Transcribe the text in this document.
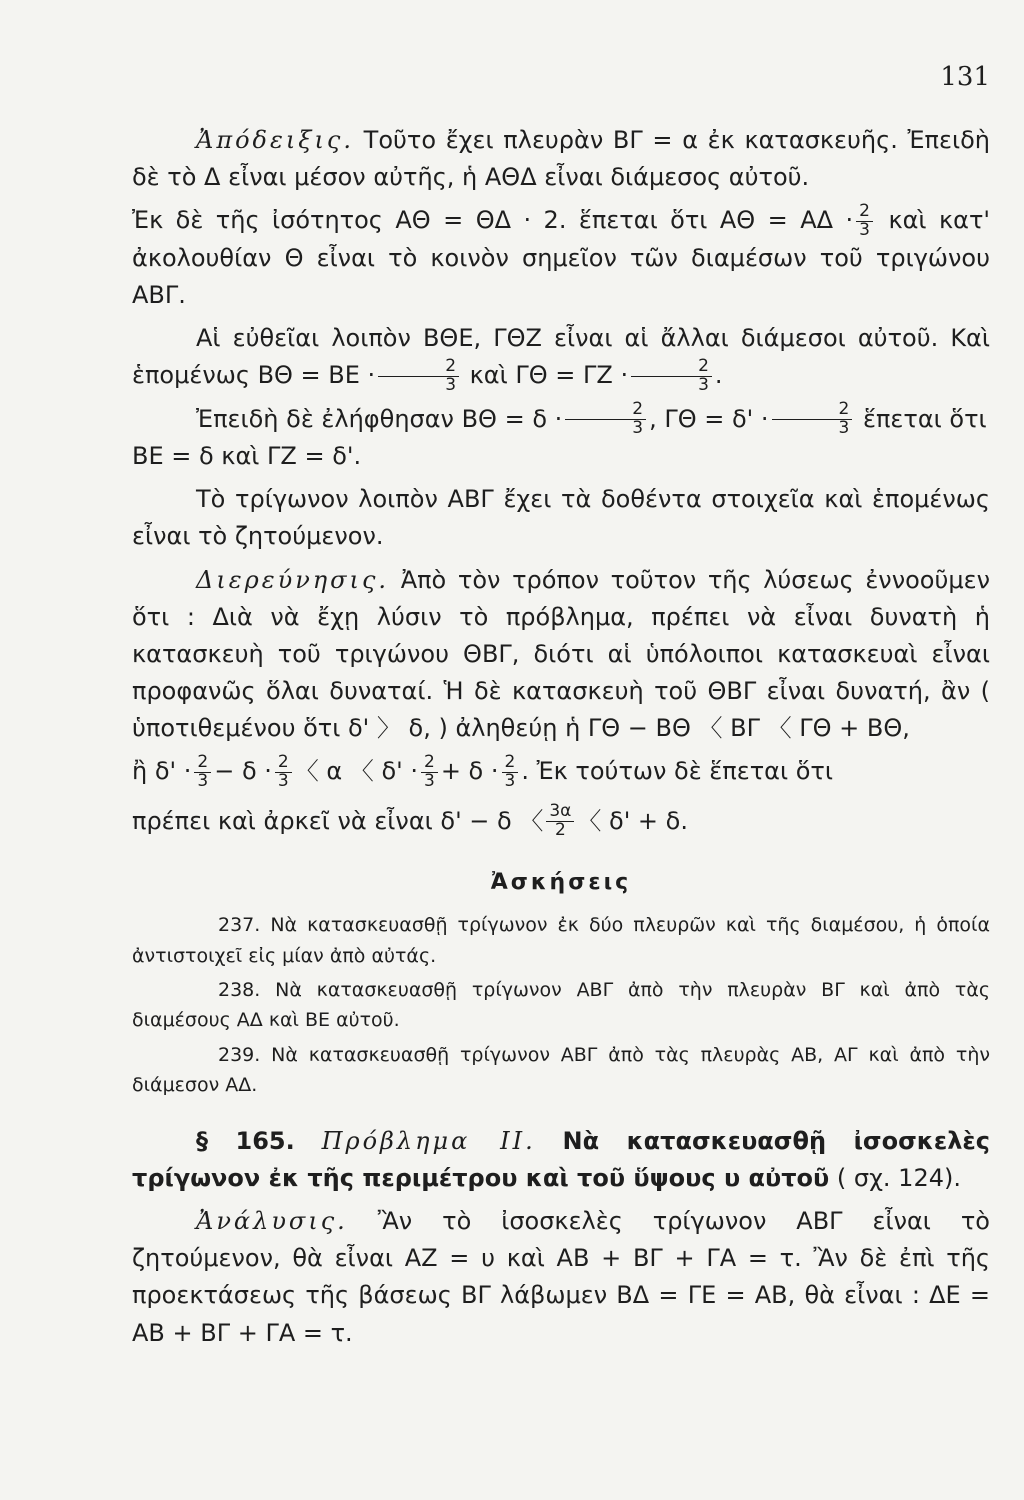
131

Ἀπόδειξις. Τοῦτο ἔχει πλευρὰν ΒΓ = α ἐκ κατασκευῆς. Ἐπειδὴ δὲ τὸ Δ εἶναι μέσον αὐτῆς, ἡ ΑΘΔ εἶναι διάμεσος αὐτοῦ.

Ἐκ δὲ τῆς ἰσότητος ΑΘ = ΘΔ · 2. ἕπεται ὅτι $A\Theta = A\Delta \cdot \frac{2}{3}$ καὶ κατ' ἀκολουθίαν Θ εἶναι τὸ κοινὸν σημεῖον τῶν διαμέσων τοῦ τριγώνου ΑΒΓ.

Αἱ εὐθεῖαι λοιπὸν ΒΘΕ, ΓΘΖ εἶναι αἱ ἄλλαι διάμεσοι αὐτοῦ. Καὶ ἑπομένως $B\Theta = BE \cdot \frac{2}{3}$ καὶ $\Gamma\Theta = \Gamma Z \cdot \frac{2}{3}$ .

Ἐπειδὴ δὲ ἐλήφθησαν $B\Theta = \delta \cdot \frac{2}{3}$ , $\Gamma\Theta = \delta' \cdot \frac{2}{3}$ ἕπεται ὅτι
ΒΕ = δ καὶ ΓΖ = δ'.

Τὸ τρίγωνον λοιπὸν ΑΒΓ ἔχει τὰ δοθέντα στοιχεῖα καὶ ἑπομένως εἶναι τὸ ζητούμενον.

Διερεύνησις. Ἀπὸ τὸν τρόπον τοῦτον τῆς λύσεως ἐννοοῦμεν ὅτι : Διὰ νὰ ἔχῃ λύσιν τὸ πρόβλημα, πρέπει νὰ εἶναι δυνατὴ ἡ κατασκευὴ τοῦ τριγώνου ΘΒΓ, διότι αἱ ὑπόλοιποι κατασκευαὶ εἶναι προφανῶς ὅλαι δυναταί. Ἡ δὲ κατασκευὴ τοῦ ΘΒΓ εἶναι δυνατή, ἂν ( ὑποτιθεμένου ὅτι δ' 〉 δ, ) ἀληθεύῃ ἡ ΓΘ − ΒΘ 〈 ΒΓ 〈 ΓΘ + ΒΘ,

ἢ $\delta' \cdot \frac{2}{3} - \delta \cdot \frac{2}{3}$ 〈 α 〈 $\delta' \cdot \frac{2}{3} + \delta \cdot \frac{2}{3}$ . Ἐκ τούτων δὲ ἕπεται ὅτι

πρέπει καὶ ἀρκεῖ νὰ εἶναι δ' − δ 〈 $\frac{3\alpha}{2}$ 〈 δ' + δ.

Ἀσκήσεις

237. Νὰ κατασκευασθῇ τρίγωνον ἐκ δύο πλευρῶν καὶ τῆς διαμέσου, ἡ ὁποία ἀντιστοιχεῖ εἰς μίαν ἀπὸ αὐτάς.

238. Νὰ κατασκευασθῇ τρίγωνον ΑΒΓ ἀπὸ τὴν πλευρὰν ΒΓ καὶ ἀπὸ τὰς διαμέσους ΑΔ καὶ ΒΕ αὐτοῦ.

239. Νὰ κατασκευασθῇ τρίγωνον ΑΒΓ ἀπὸ τὰς πλευρὰς ΑΒ, ΑΓ καὶ ἀπὸ τὴν διάμεσον ΑΔ.

§ 165. Πρόβλημα ΙΙ. Νὰ κατασκευασθῇ ἰσοσκελὲς τρίγωνον ἐκ τῆς περιμέτρου καὶ τοῦ ὕψους υ αὐτοῦ ( σχ. 124).

Ἀνάλυσις. Ἂν τὸ ἰσοσκελὲς τρίγωνον ΑΒΓ εἶναι τὸ ζητούμενον, θὰ εἶναι ΑΖ = υ καὶ ΑΒ + ΒΓ + ΓΑ = τ. Ἂν δὲ ἐπὶ τῆς προεκτάσεως τῆς βάσεως ΒΓ λάβωμεν ΒΔ = ΓΕ = ΑΒ, θὰ εἶναι : ΔΕ = ΑΒ + ΒΓ + ΓΑ = τ.
